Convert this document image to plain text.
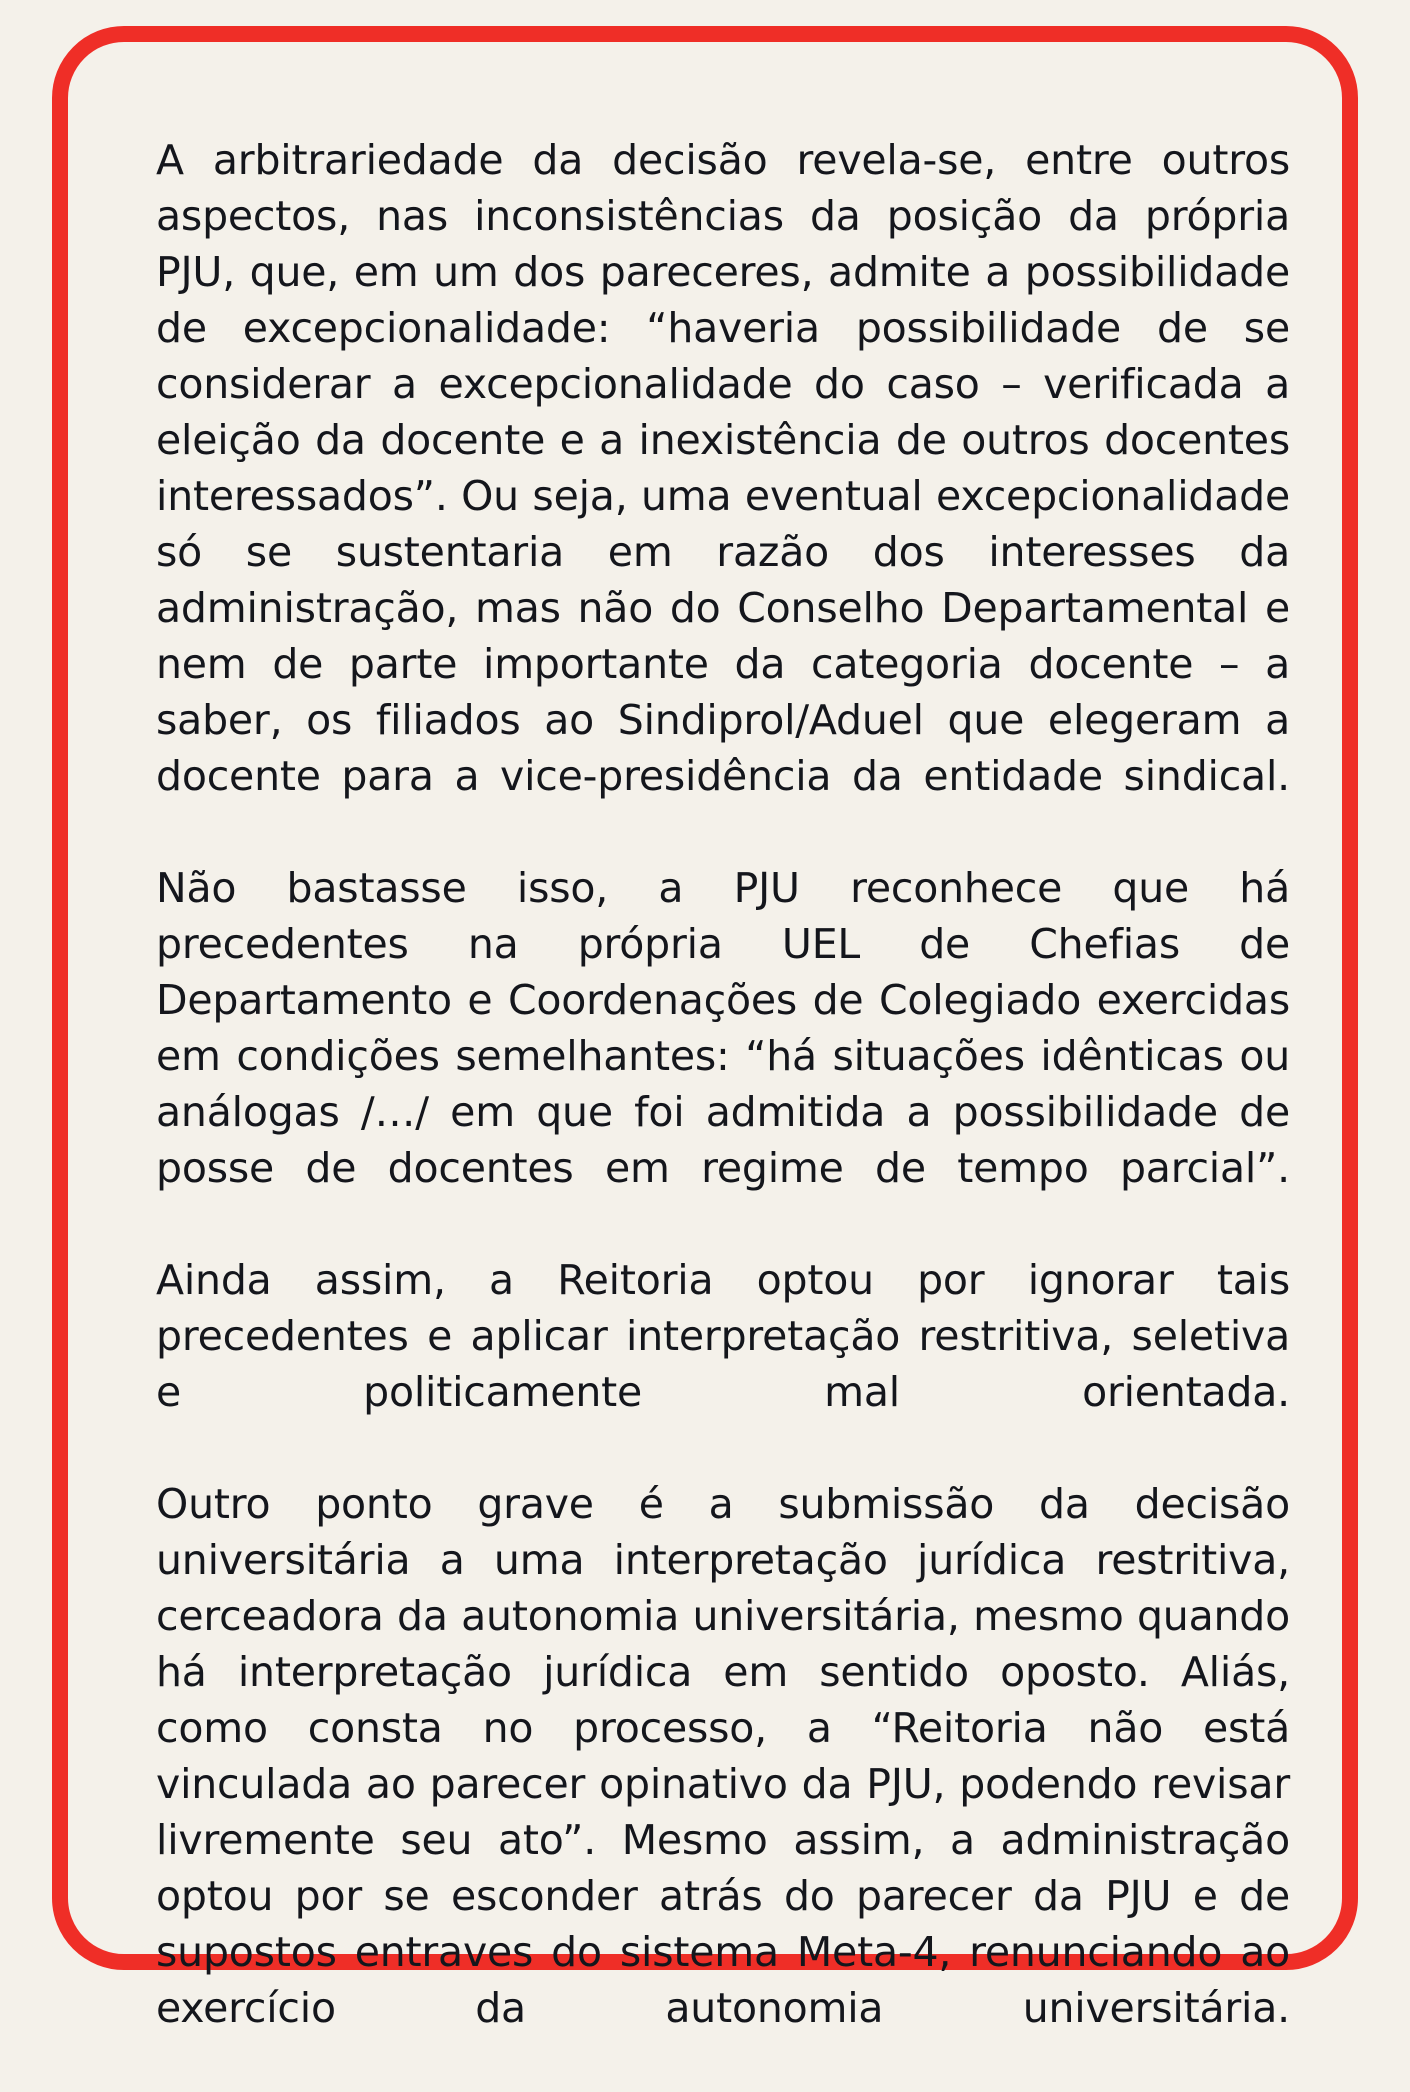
A arbitrariedade da decisão revela-se, entre outros aspectos, nas inconsistências da posição da própria PJU, que, em um dos pareceres, admite a possibilidade de excepcionalidade: “haveria possibilidade de se considerar a excepcionalidade do caso – verificada a eleição da docente e a inexistência de outros docentes interessados”. Ou seja, uma eventual excepcionalidade só se sustentaria em razão dos interesses da administração, mas não do Conselho Departamental e nem de parte importante da categoria docente – a saber, os filiados ao Sindiprol/Aduel que elegeram a docente para a vice-presidência da entidade sindical.

Não bastasse isso, a PJU reconhece que há precedentes na própria UEL de Chefias de Departamento e Coordenações de Colegiado exercidas em condições semelhantes: “há situações idênticas ou análogas /…/ em que foi admitida a possibilidade de posse de docentes em regime de tempo parcial”.

Ainda assim, a Reitoria optou por ignorar tais precedentes e aplicar interpretação restritiva, seletiva e politicamente mal orientada.

Outro ponto grave é a submissão da decisão universitária a uma interpretação jurídica restritiva, cerceadora da autonomia universitária, mesmo quando há interpretação jurídica em sentido oposto. Aliás, como consta no processo, a “Reitoria não está vinculada ao parecer opinativo da PJU, podendo revisar livremente seu ato”. Mesmo assim, a administração optou por se esconder atrás do parecer da PJU e de supostos entraves do sistema Meta-4, renunciando ao exercício da autonomia universitária.
